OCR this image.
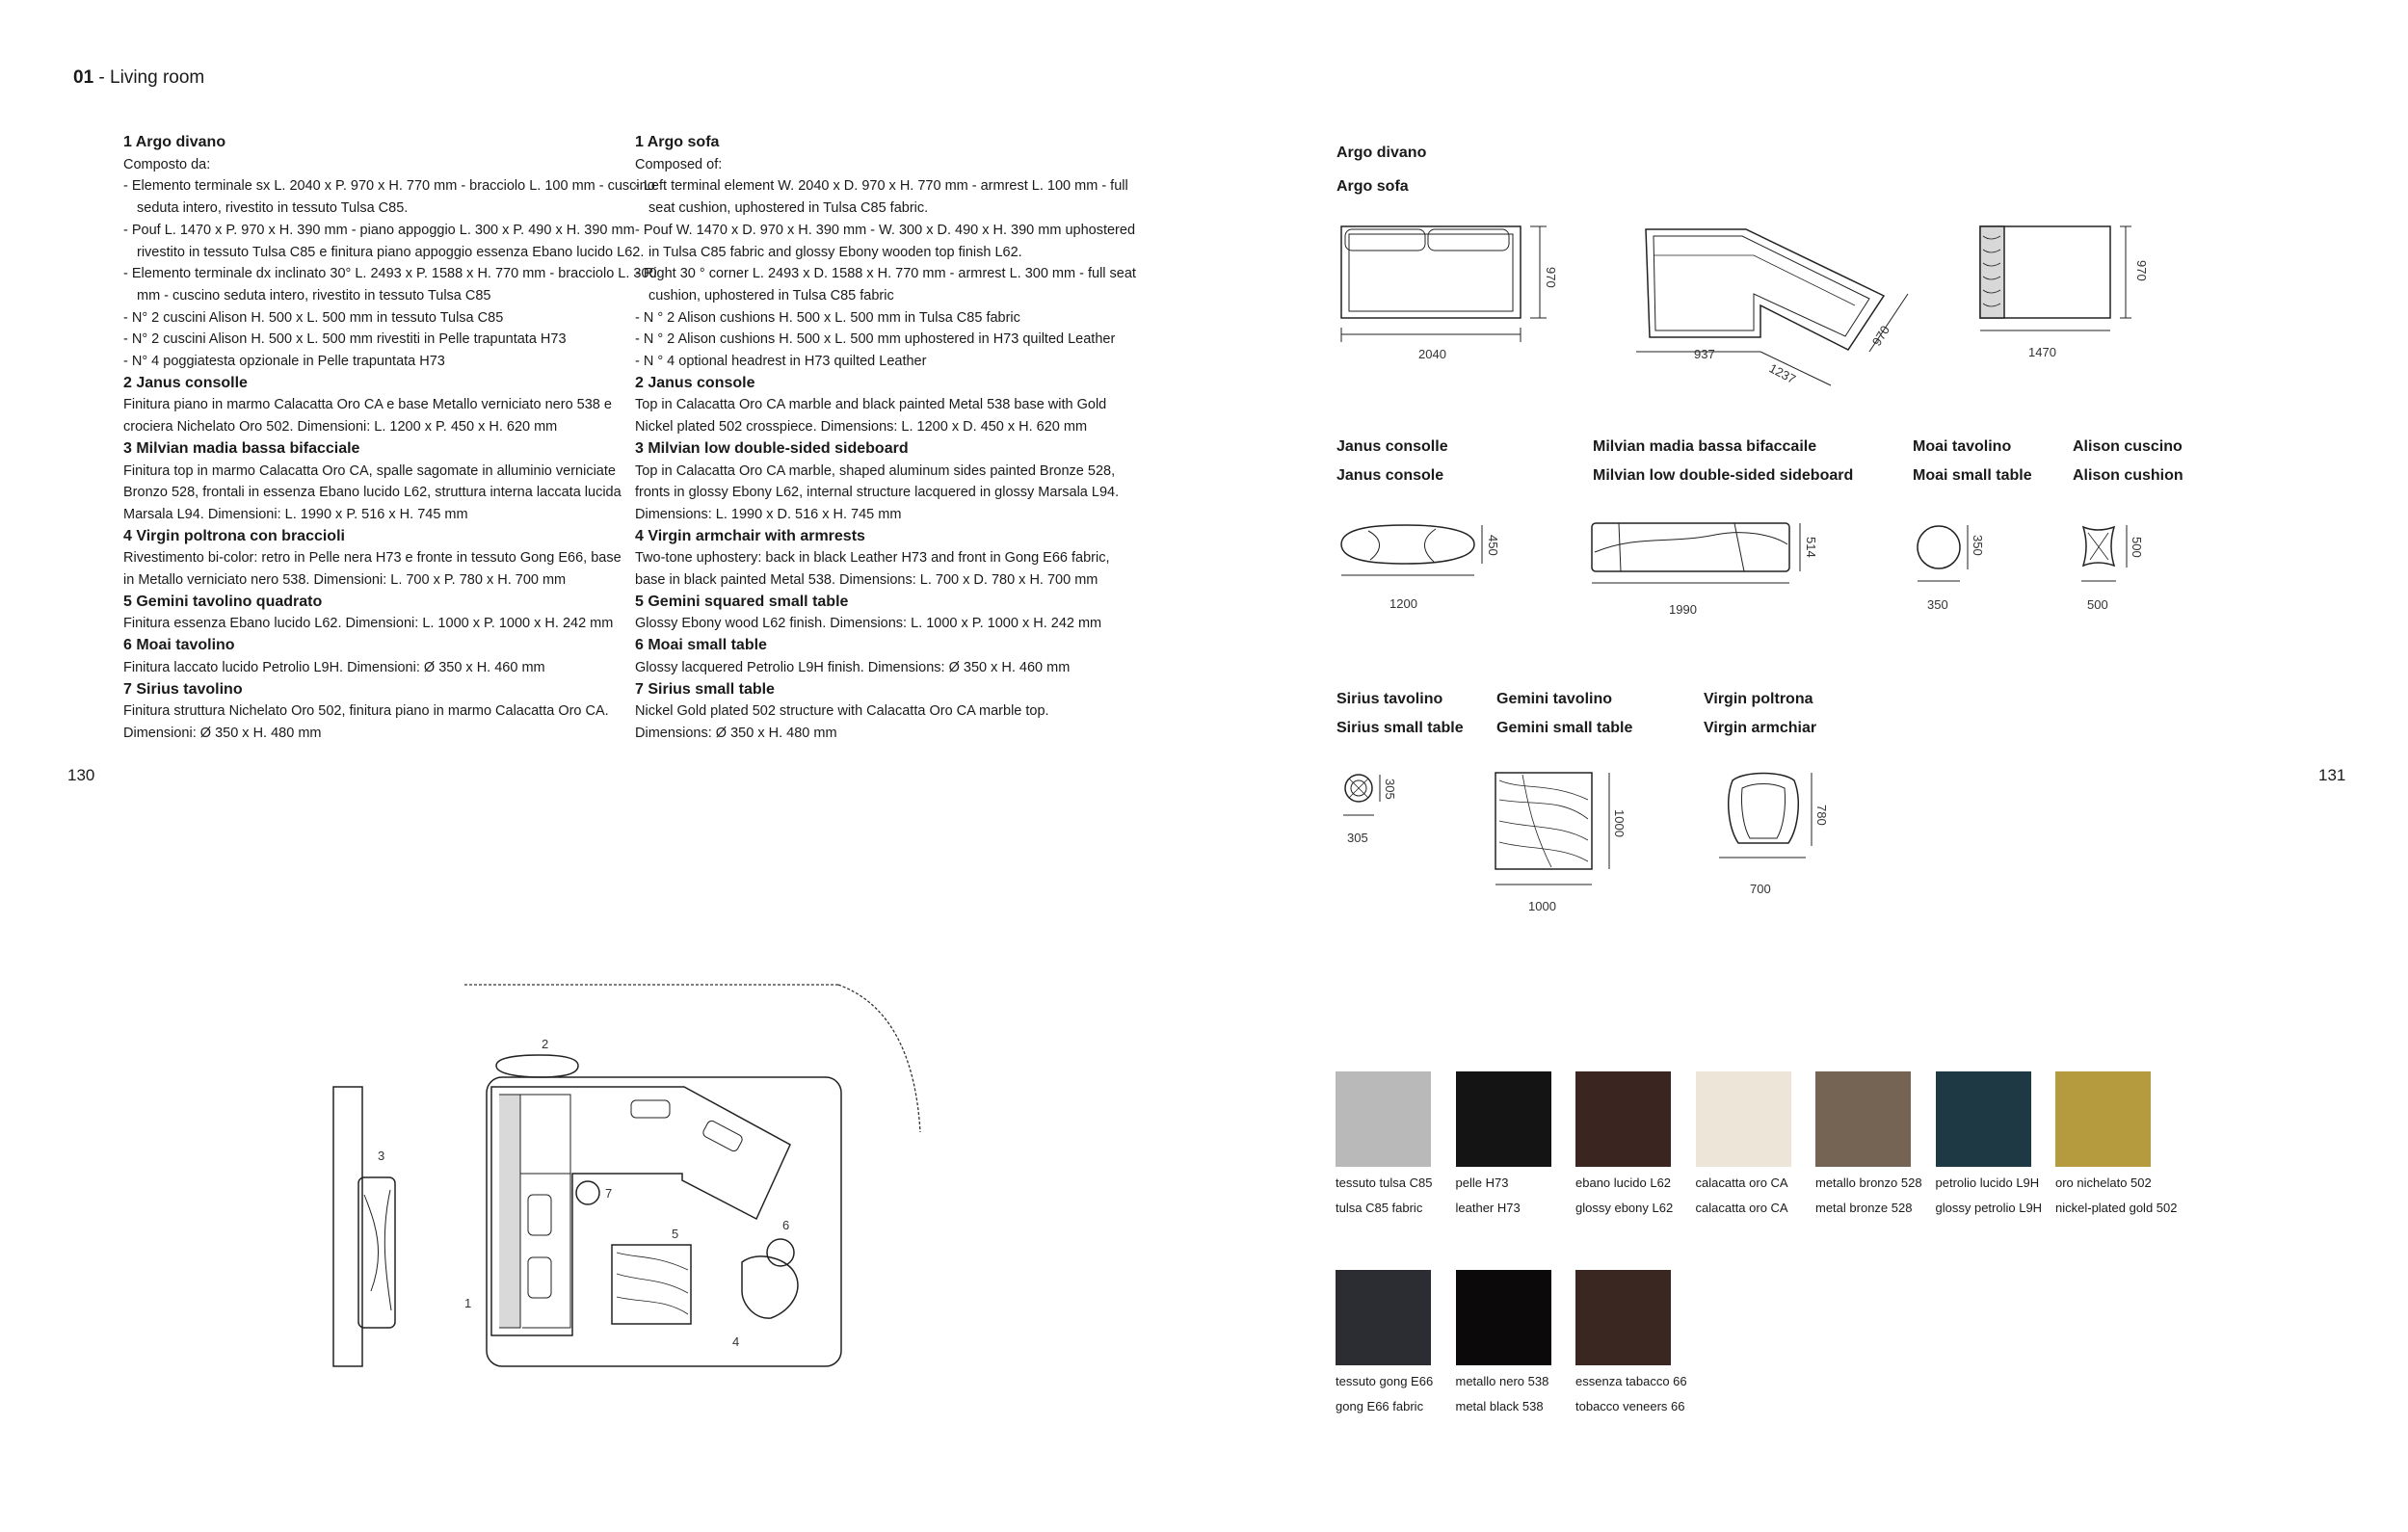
01 - Living room
1 Argo divano
Composto da:
- Elemento terminale sx L. 2040 x P. 970 x H. 770 mm - bracciolo L. 100 mm - cuscino
seduta intero, rivestito in tessuto Tulsa C85.
- Pouf L. 1470 x P. 970 x H. 390 mm - piano appoggio L. 300 x P. 490 x H. 390 mm
rivestito in tessuto Tulsa C85 e finitura piano appoggio essenza Ebano lucido L62.
- Elemento terminale dx inclinato 30° L. 2493 x P. 1588 x H. 770 mm - bracciolo L. 300
mm - cuscino seduta intero, rivestito in tessuto Tulsa C85
- N° 2 cuscini Alison H. 500 x L. 500 mm in tessuto Tulsa C85
- N° 2 cuscini Alison H. 500 x L. 500 mm rivestiti in Pelle trapuntata H73
- N° 4 poggiatesta opzionale in Pelle trapuntata H73
2 Janus consolle
Finitura piano in marmo Calacatta Oro CA e base Metallo verniciato nero 538 e
crociera Nichelato Oro 502. Dimensioni: L. 1200 x P. 450 x H. 620 mm
3 Milvian madia bassa bifacciale
Finitura top in marmo Calacatta Oro CA, spalle sagomate in alluminio verniciate
Bronzo 528, frontali in essenza Ebano lucido L62, struttura interna laccata lucida
Marsala L94. Dimensioni: L. 1990 x P. 516 x H. 745 mm
4 Virgin poltrona con braccioli
Rivestimento bi-color: retro in Pelle nera H73 e fronte in tessuto Gong E66, base
in Metallo verniciato nero 538. Dimensioni: L. 700 x P. 780 x H. 700 mm
5 Gemini tavolino quadrato
Finitura essenza Ebano lucido L62. Dimensioni: L. 1000 x P. 1000 x H. 242 mm
6 Moai tavolino
Finitura laccato lucido Petrolio L9H. Dimensioni: Ø 350 x H. 460 mm
7 Sirius tavolino
Finitura struttura Nichelato Oro 502, finitura piano in marmo Calacatta Oro CA.
Dimensioni: Ø 350 x H. 480 mm
1 Argo sofa
Composed of:
- Left terminal element W. 2040 x D. 970 x H. 770 mm - armrest L. 100 mm - full
seat cushion, uphostered in Tulsa C85 fabric.
- Pouf W. 1470 x D. 970 x H. 390 mm - W. 300 x D. 490 x H. 390 mm uphostered
in Tulsa C85 fabric and glossy Ebony wooden top finish L62.
- Right 30 ° corner L. 2493 x D. 1588 x H. 770 mm - armrest L. 300 mm - full seat
cushion, uphostered in Tulsa C85 fabric
- N ° 2 Alison cushions H. 500 x L. 500 mm in Tulsa C85 fabric
- N ° 2 Alison cushions H. 500 x L. 500 mm uphostered in H73 quilted Leather
- N ° 4 optional headrest in H73 quilted Leather
2 Janus console
Top in Calacatta Oro CA marble and black painted Metal 538 base with Gold
Nickel plated 502 crosspiece. Dimensions: L. 1200 x D. 450 x H. 620 mm
3 Milvian low double-sided sideboard
Top in Calacatta Oro CA marble, shaped aluminum sides painted Bronze 528,
fronts in glossy Ebony L62, internal structure lacquered in glossy Marsala L94.
Dimensions: L. 1990 x D. 516 x H. 745 mm
4 Virgin armchair with armrests
Two-tone uphostery: back in black Leather H73 and front in Gong E66 fabric,
base in black painted Metal 538. Dimensions: L. 700 x D. 780 x H. 700 mm
5 Gemini squared small table
Glossy Ebony wood L62 finish. Dimensions: L. 1000 x P. 1000 x H. 242 mm
6 Moai small table
Glossy lacquered Petrolio L9H finish. Dimensions: Ø 350 x H. 460 mm
7 Sirius small table
Nickel Gold plated 502 structure with Calacatta Oro CA marble top.
Dimensions: Ø 350 x H. 480 mm
130	131
Argo divano
Argo sofa
970
2040	937
1237
970
970
1470
Janus consolle
Janus console
Milvian madia bassa bifaccaile
Milvian low double-sided sideboard
Moai tavolino
Moai small table
Alison cuscino
Alison cushion
450
1200
514
1990
350
350
500
500
Sirius tavolino
Sirius small table
Gemini tavolino
Gemini small table
Virgin poltrona
Virgin armchiar
305
305
1000
1000
780
700
1
2
3
4
5
6
7
tessuto tulsa C85
tulsa C85 fabric
pelle H73
leather H73
ebano lucido L62
glossy ebony L62
calacatta oro CA
calacatta oro CA
metallo bronzo 528
metal bronze 528
petrolio lucido L9H
glossy petrolio L9H
oro nichelato 502
nickel-plated gold 502
tessuto gong E66
gong E66 fabric
metallo nero 538
metal black 538
essenza tabacco 66
tobacco veneers 66
